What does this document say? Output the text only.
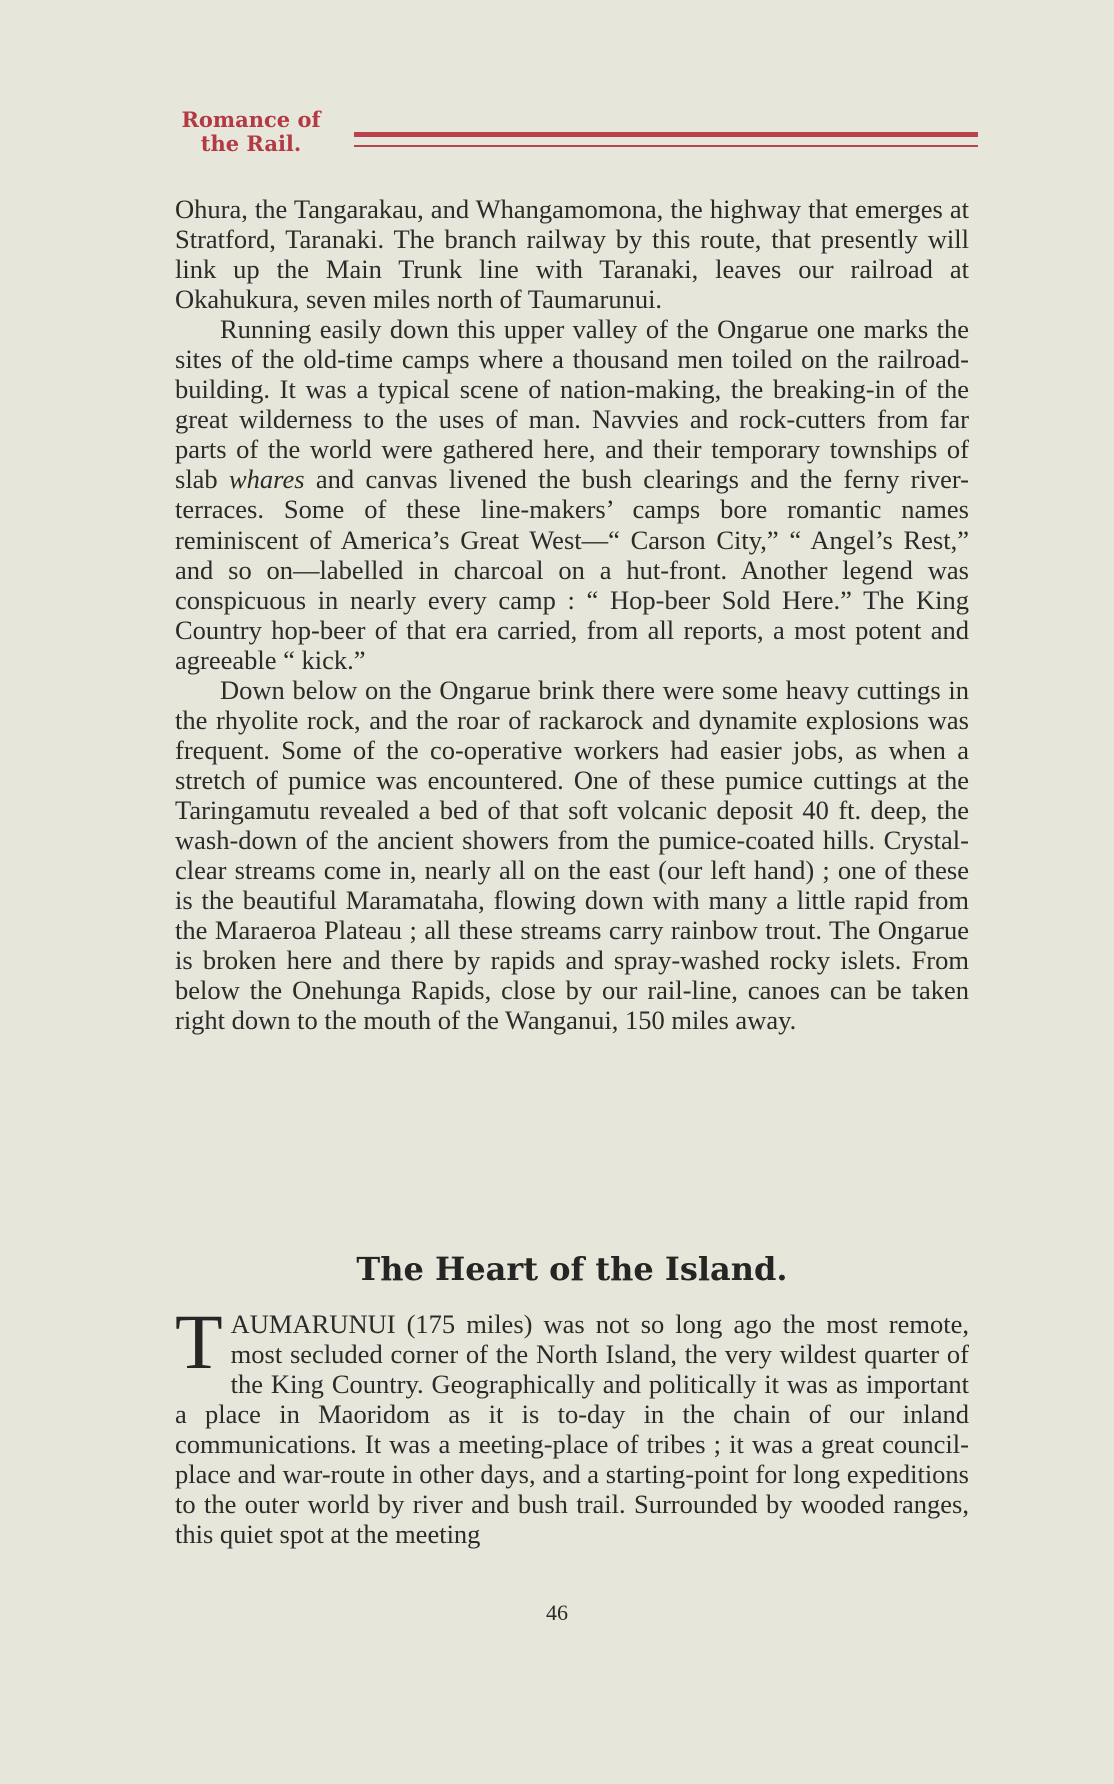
Romance of
the Rail.

Ohura, the Tangarakau, and Whangamomona, the highway that emerges at Stratford, Taranaki. The branch railway by this route, that presently will link up the Main Trunk line with Taranaki, leaves our railroad at Okahukura, seven miles north of Taumarunui.

Running easily down this upper valley of the Ongarue one marks the sites of the old-time camps where a thousand men toiled on the railroad-building. It was a typical scene of nation-making, the breaking-in of the great wilderness to the uses of man. Navvies and rock-cutters from far parts of the world were gathered here, and their temporary townships of slab whares and canvas livened the bush clearings and the ferny river-terraces. Some of these line-makers’ camps bore romantic names reminiscent of America’s Great West—“ Carson City,” “ Angel’s Rest,” and so on—labelled in charcoal on a hut-front. Another legend was conspicuous in nearly every camp : “ Hop-beer Sold Here.” The King Country hop-beer of that era carried, from all reports, a most potent and agreeable “ kick.”

Down below on the Ongarue brink there were some heavy cuttings in the rhyolite rock, and the roar of rackarock and dynamite explosions was frequent. Some of the co-operative workers had easier jobs, as when a stretch of pumice was encountered. One of these pumice cuttings at the Taringamutu revealed a bed of that soft volcanic deposit 40 ft. deep, the wash-down of the ancient showers from the pumice-coated hills. Crystal-clear streams come in, nearly all on the east (our left hand) ; one of these is the beautiful Maramataha, flowing down with many a little rapid from the Maraeroa Plateau ; all these streams carry rainbow trout. The Ongarue is broken here and there by rapids and spray-washed rocky islets. From below the Onehunga Rapids, close by our rail-line, canoes can be taken right down to the mouth of the Wanganui, 150 miles away.

The Heart of the Island.

TAUMARUNUI (175 miles) was not so long ago the most remote, most secluded corner of the North Island, the very wildest quarter of the King Country. Geographically and politically it was as important a place in Maoridom as it is to-day in the chain of our inland communications. It was a meeting-place of tribes ; it was a great council-place and war-route in other days, and a starting-point for long expeditions to the outer world by river and bush trail. Surrounded by wooded ranges, this quiet spot at the meeting

46
